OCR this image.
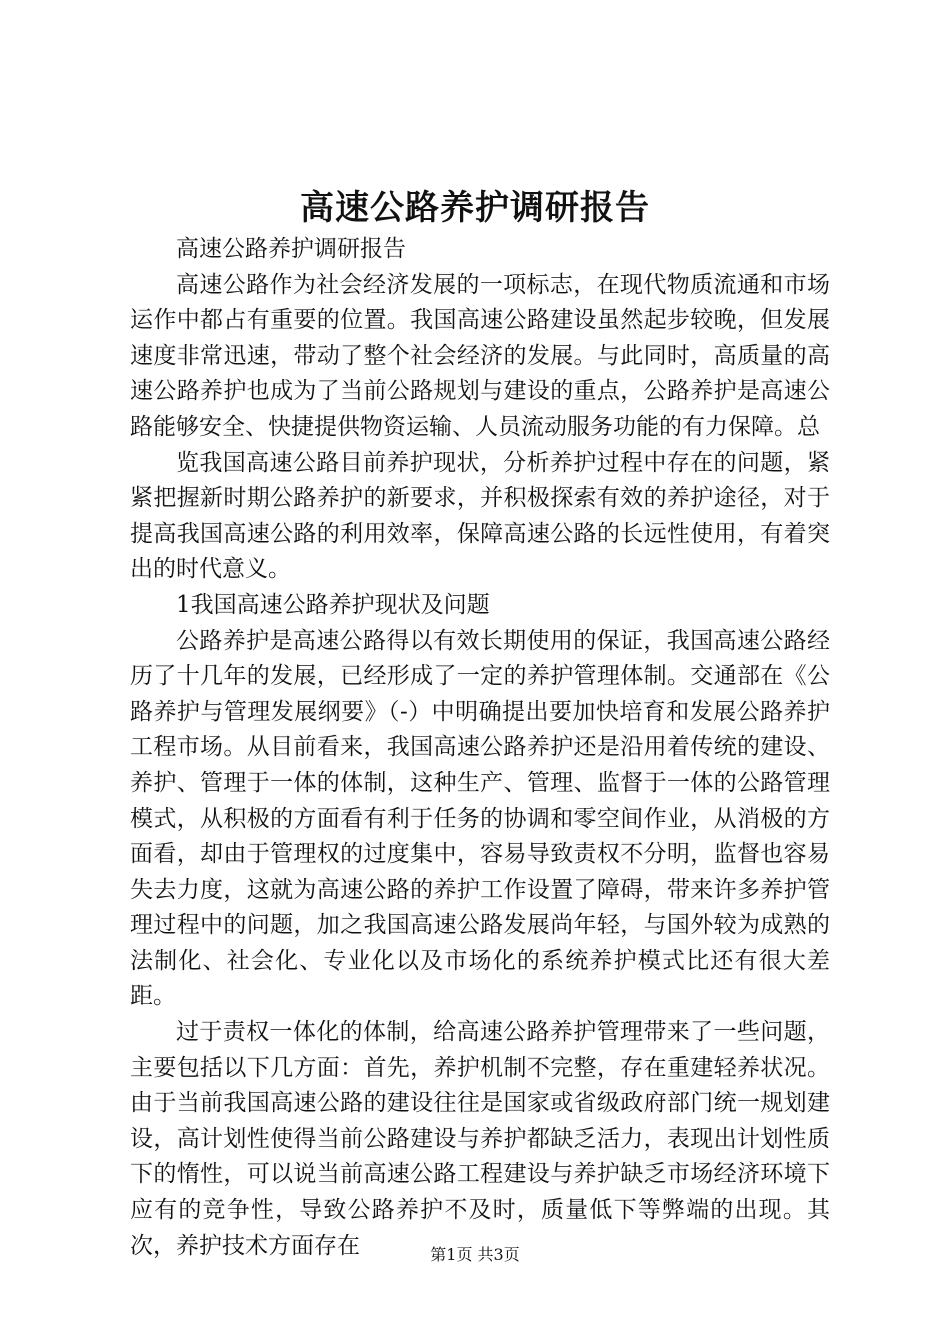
高速公路养护调研报告

高速公路养护调研报告

高速公路作为社会经济发展的一项标志，在现代物质流通和市场运作中都占有重要的位置。我国高速公路建设虽然起步较晚，但发展速度非常迅速，带动了整个社会经济的发展。与此同时，高质量的高速公路养护也成为了当前公路规划与建设的重点，公路养护是高速公路能够安全、快捷提供物资运输、人员流动服务功能的有力保障。总

览我国高速公路目前养护现状，分析养护过程中存在的问题，紧紧把握新时期公路养护的新要求，并积极探索有效的养护途径，对于提高我国高速公路的利用效率，保障高速公路的长远性使用，有着突出的时代意义。

1我国高速公路养护现状及问题

公路养护是高速公路得以有效长期使用的保证，我国高速公路经历了十几年的发展，已经形成了一定的养护管理体制。交通部在《公路养护与管理发展纲要》（-）中明确提出要加快培育和发展公路养护工程市场。从目前看来，我国高速公路养护还是沿用着传统的建设、养护、管理于一体的体制，这种生产、管理、监督于一体的公路管理模式，从积极的方面看有利于任务的协调和零空间作业，从消极的方面看，却由于管理权的过度集中，容易导致责权不分明，监督也容易失去力度，这就为高速公路的养护工作设置了障碍，带来许多养护管理过程中的问题，加之我国高速公路发展尚年轻，与国外较为成熟的法制化、社会化、专业化以及市场化的系统养护模式比还有很大差距。

过于责权一体化的体制，给高速公路养护管理带来了一些问题，主要包括以下几方面：首先，养护机制不完整，存在重建轻养状况。由于当前我国高速公路的建设往往是国家或省级政府部门统一规划建设，高计划性使得当前公路建设与养护都缺乏活力，表现出计划性质下的惰性，可以说当前高速公路工程建设与养护缺乏市场经济环境下应有的竞争性，导致公路养护不及时，质量低下等弊端的出现。其次，养护技术方面存在	第1页 共3页
